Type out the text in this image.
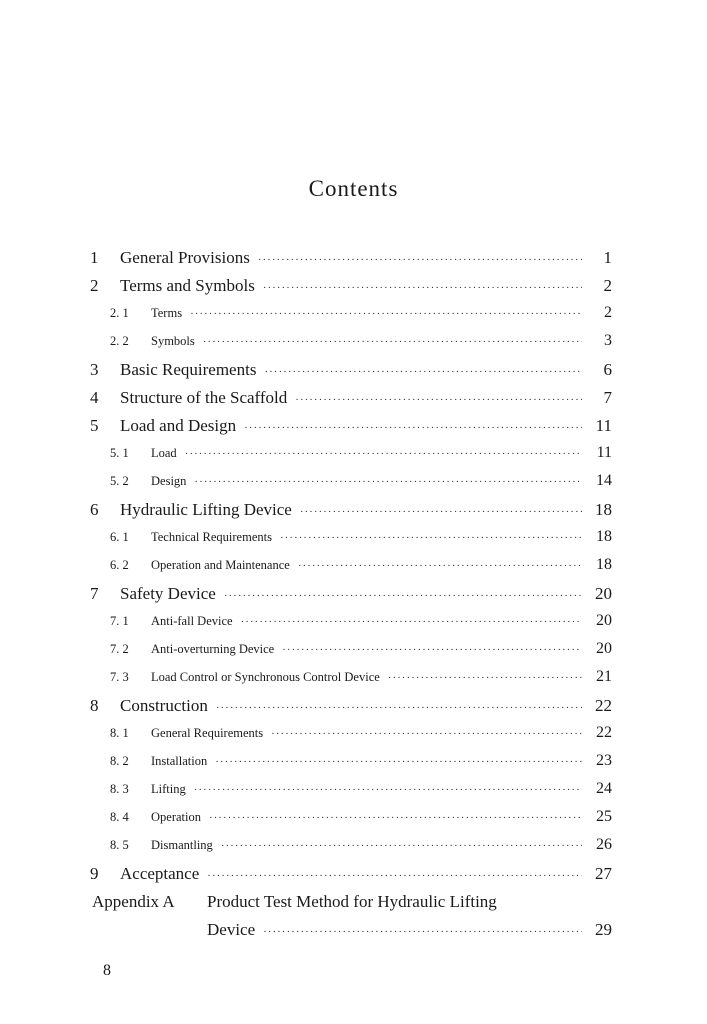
Contents
1	General Provisions ·····	1
2	Terms and Symbols ·····	2
2. 1	Terms ·····	2
2. 2	Symbols ·····	3
3	Basic Requirements ·····	6
4	Structure of the Scaffold ·····	7
5	Load and Design ·····	11
5. 1	Load ·····	11
5. 2	Design ·····	14
6	Hydraulic Lifting Device ·····	18
6. 1	Technical Requirements ·····	18
6. 2	Operation and Maintenance ·····	18
7	Safety Device ·····	20
7. 1	Anti-fall Device ·····	20
7. 2	Anti-overturning Device ·····	20
7. 3	Load Control or Synchronous Control Device ·····	21
8	Construction ·····	22
8. 1	General Requirements ·····	22
8. 2	Installation ·····	23
8. 3	Lifting ·····	24
8. 4	Operation ·····	25
8. 5	Dismantling ·····	26
9	Acceptance ·····	27
Appendix A Product Test Method for Hydraulic Lifting
Device ·····	29
8
